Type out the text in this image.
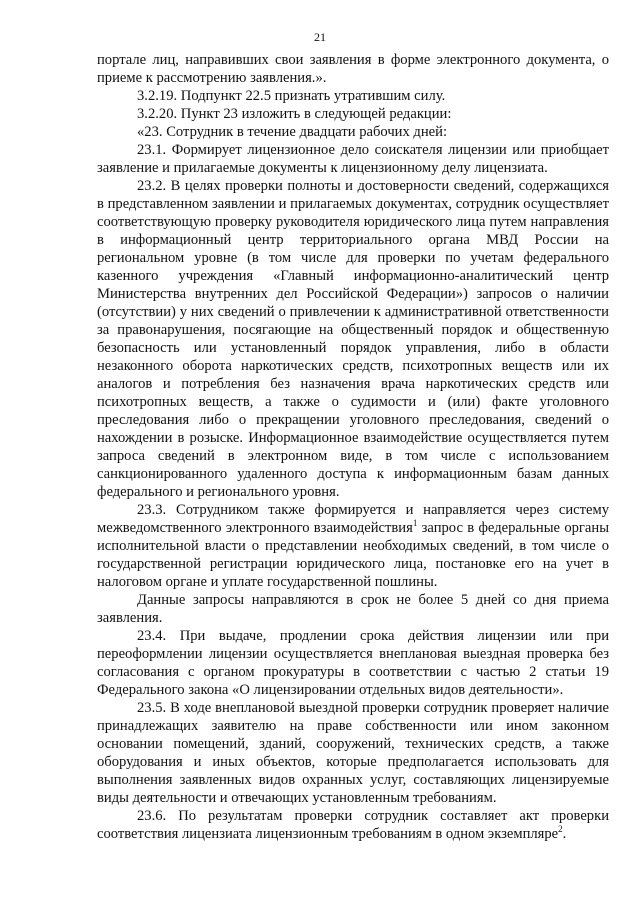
21

порталe лиц, направивших свои заявления в форме электронного документа, о приеме к рассмотрению заявления.».

3.2.19. Подпункт 22.5 признать утратившим силу.

3.2.20. Пункт 23 изложить в следующей редакции:

«23. Сотрудник в течение двадцати рабочих дней:

23.1. Формирует лицензионное дело соискателя лицензии или приобщает заявление и прилагаемые документы к лицензионному делу лицензиата.

23.2. В целях проверки полноты и достоверности сведений, содержащихся в представленном заявлении и прилагаемых документах, сотрудник осуществляет соответствующую проверку руководителя юридического лица путем направления в информационный центр территориального органа МВД России на региональном уровне (в том числе для проверки по учетам федерального казенного учреждения «Главный информационно-аналитический центр Министерства внутренних дел Российской Федерации») запросов о наличии (отсутствии) у них сведений о привлечении к административной ответственности за правонарушения, посягающие на общественный порядок и общественную безопасность или установленный порядок управления, либо в области незаконного оборота наркотических средств, психотропных веществ или их аналогов и потребления без назначения врача наркотических средств или психотропных веществ, а также о судимости и (или) факте уголовного преследования либо о прекращении уголовного преследования, сведений о нахождении в розыске. Информационное взаимодействие осуществляется путем запроса сведений в электронном виде, в том числе с использованием санкционированного удаленного доступа к информационным базам данных федерального и регионального уровня.

23.3. Сотрудником также формируется и направляется через систему межведомственного электронного взаимодействия$^1$ запрос в федеральные органы исполнительной власти о представлении необходимых сведений, в том числе о государственной регистрации юридического лица, постановке его на учет в налоговом органе и уплате государственной пошлины.

Данные запросы направляются в срок не более 5 дней со дня приема заявления.

23.4. При выдаче, продлении срока действия лицензии или при переоформлении лицензии осуществляется внеплановая выездная проверка без согласования с органом прокуратуры в соответствии с частью 2 статьи 19 Федерального закона «О лицензировании отдельных видов деятельности».

23.5. В ходе внеплановой выездной проверки сотрудник проверяет наличие принадлежащих заявителю на праве собственности или ином законном основании помещений, зданий, сооружений, технических средств, а также оборудования и иных объектов, которые предполагается использовать для выполнения заявленных видов охранных услуг, составляющих лицензируемые виды деятельности и отвечающих установленным требованиям.

23.6. По результатам проверки сотрудник составляет акт проверки соответствия лицензиата лицензионным требованиям в одном экземпляре$^2$.
